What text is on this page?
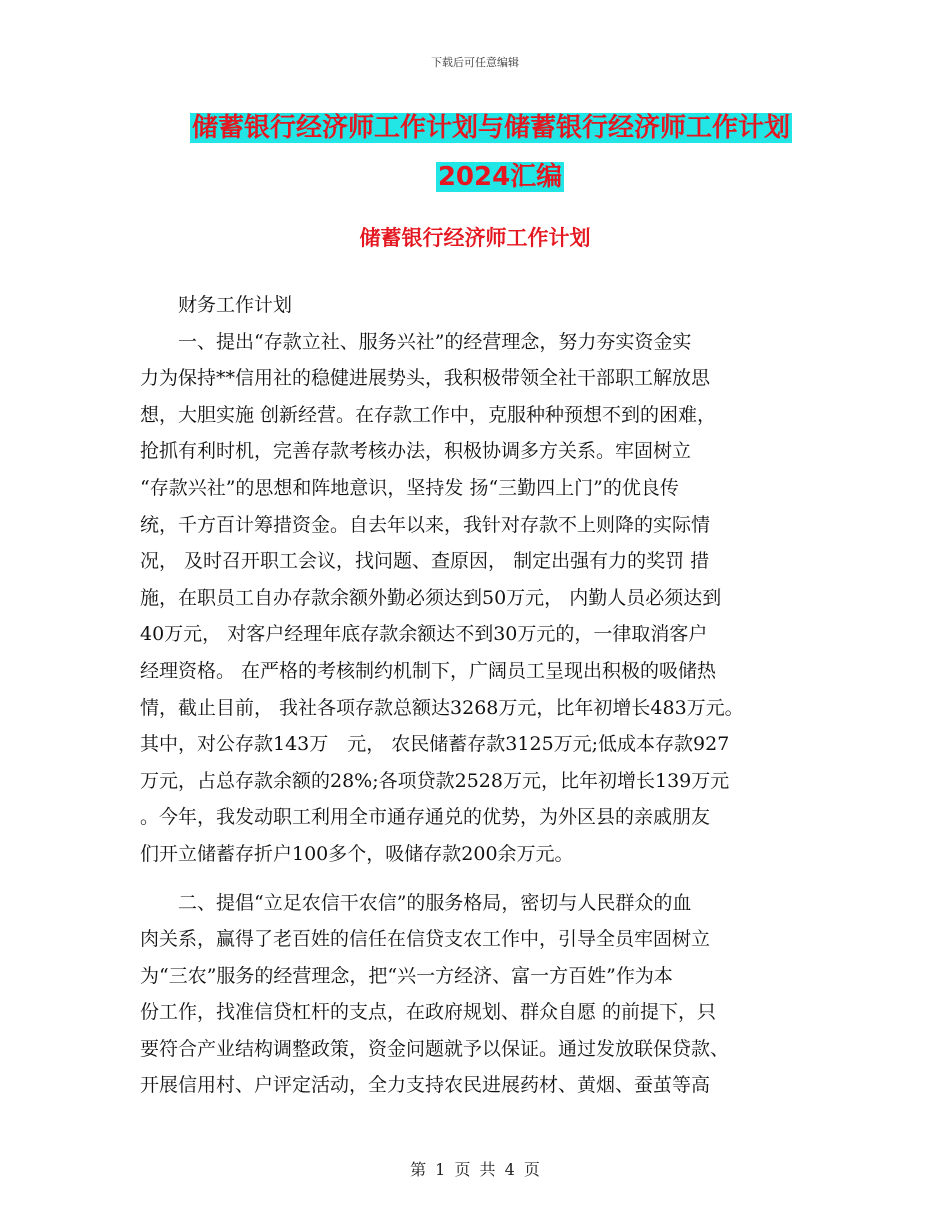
下载后可任意编辑
储蓄银行经济师工作计划与储蓄银行经济师工作计划
2024汇编
储蓄银行经济师工作计划
　　财务工作计划
　　一、提出“存款立社、服务兴社”的经营理念，努力夯实资金实
力为保持**信用社的稳健进展势头，我积极带领全社干部职工解放思
想，大胆实施 创新经营。在存款工作中，克服种种预想不到的困难，
抢抓有利时机，完善存款考核办法，积极协调多方关系。牢固树立
“存款兴社”的思想和阵地意识，坚持发 扬“三勤四上门”的优良传
统，千方百计筹措资金。自去年以来，我针对存款不上则降的实际情
况， 及时召开职工会议，找问题、查原因， 制定出强有力的奖罚 措
施，在职员工自办存款余额外勤必须达到50万元， 内勤人员必须达到
40万元， 对客户经理年底存款余额达不到30万元的，一律取消客户
经理资格。 在严格的考核制约机制下，广阔员工呈现出积极的吸储热
情，截止目前， 我社各项存款总额达3268万元，比年初增长483万元。
其中，对公存款143万　元， 农民储蓄存款3125万元;低成本存款927
万元，占总存款余额的28%;各项贷款2528万元，比年初增长139万元
。今年，我发动职工利用全市通存通兑的优势，为外区县的亲戚朋友
们开立储蓄存折户100多个，吸储存款200余万元。
　　二、提倡“立足农信干农信”的服务格局，密切与人民群众的血
肉关系，赢得了老百姓的信任在信贷支农工作中，引导全员牢固树立
为“三农”服务的经营理念，把“兴一方经济、富一方百姓”作为本
份工作，找准信贷杠杆的支点，在政府规划、群众自愿 的前提下，只
要符合产业结构调整政策，资金问题就予以保证。通过发放联保贷款、
开展信用村、户评定活动，全力支持农民进展药材、黄烟、蚕茧等高
第 1 页 共 4 页
